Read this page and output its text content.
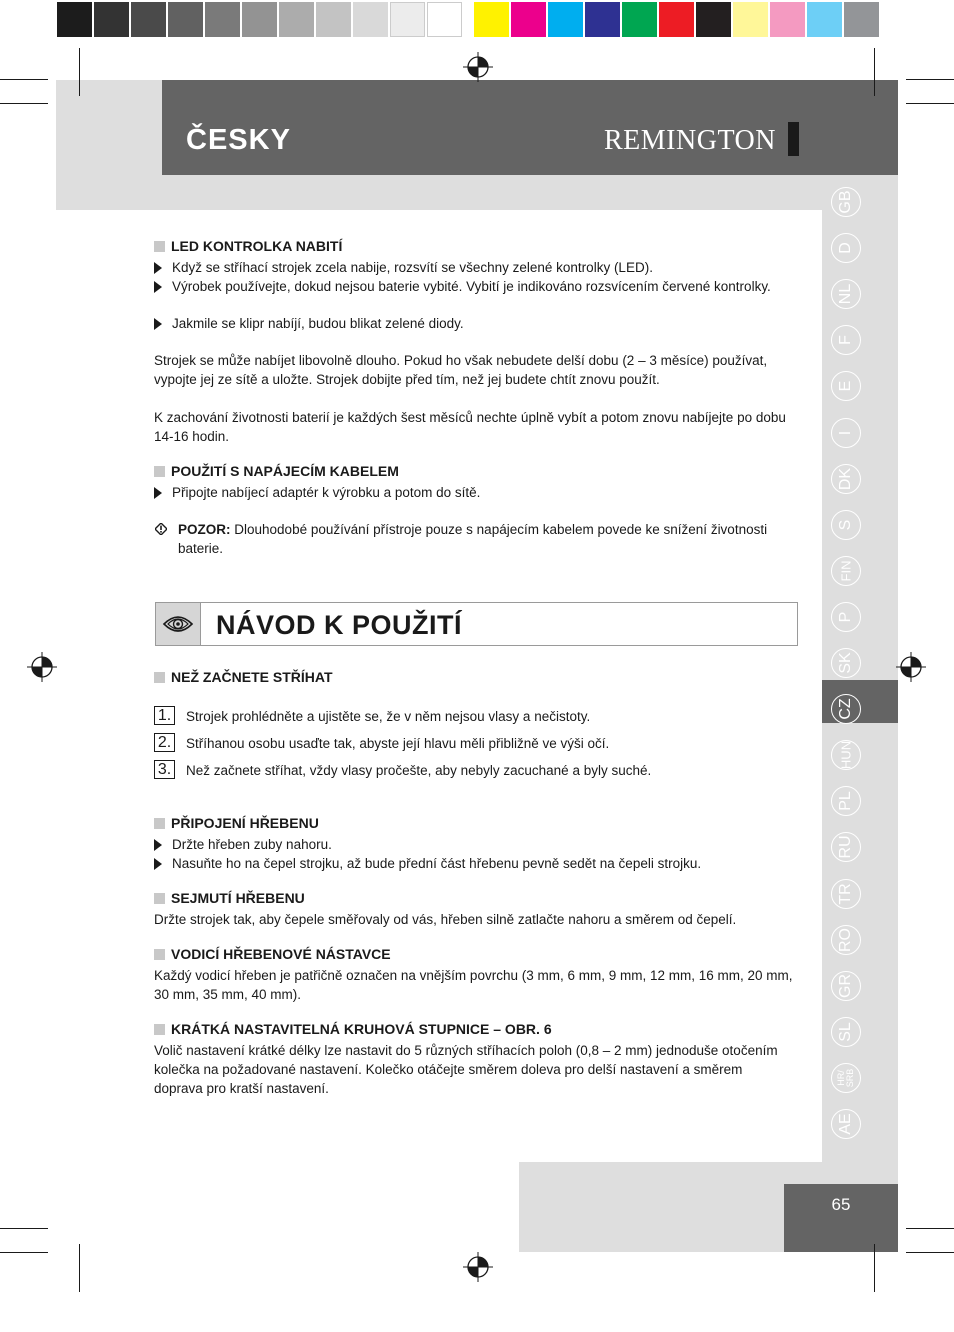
ČESKY	REMINGTON
GB
D
NL
F
E
I
DK
S
FIN
P
SK
CZ
HUN
PL
RU
TR
RO
GR
SL
HR/
SRB
AE
65
LED KONTROLKA NABITÍ
Když se stříhací strojek zcela nabije, rozsvítí se všechny zelené kontrolky (LED).
Výrobek používejte, dokud nejsou baterie vybité. Vybití je indikováno rozsvícením červené kontrolky.
Jakmile se klipr nabíjí, budou blikat zelené diody.
Strojek se může nabíjet libovolně dlouho. Pokud ho však nebudete delší dobu (2 – 3 měsíce) používat, vypojte jej ze sítě a uložte. Strojek dobijte před tím, než jej budete chtít znovu použít.
K zachování životnosti baterií je každých šest měsíců nechte úplně vybít a potom znovu nabíjejte po dobu 14-16 hodin.
POUŽITÍ S NAPÁJECÍM KABELEM
Připojte nabíjecí adaptér k výrobku a potom do sítě.
POZOR: Dlouhodobé používání přístroje pouze s napájecím kabelem povede ke snížení životnosti baterie.
NÁVOD K POUŽITÍ
NEŽ ZAČNETE STŘÍHAT
1. Strojek prohlédněte a ujistěte se, že v něm nejsou vlasy a nečistoty.
2. Stříhanou osobu usaďte tak, abyste její hlavu měli přibližně ve výši očí.
3. Než začnete stříhat, vždy vlasy pročešte, aby nebyly zacuchané a byly suché.
PŘIPOJENÍ HŘEBENU
Držte hřeben zuby nahoru.
Nasuňte ho na čepel strojku, až bude přední část hřebenu pevně sedět na čepeli strojku.
SEJMUTÍ HŘEBENU
Držte strojek tak, aby čepele směřovaly od vás, hřeben silně zatlačte nahoru a směrem od čepelí.
VODICÍ HŘEBENOVÉ NÁSTAVCE
Každý vodicí hřeben je patřičně označen na vnějším povrchu (3 mm, 6 mm, 9 mm, 12 mm, 16 mm, 20 mm, 30 mm, 35 mm, 40 mm).
KRÁTKÁ NASTAVITELNÁ KRUHOVÁ STUPNICE – OBR. 6
Volič nastavení krátké délky lze nastavit do 5 různých stříhacích poloh (0,8 – 2 mm) jednoduše otočením kolečka na požadované nastavení. Kolečko otáčejte směrem doleva pro delší nastavení a směrem doprava pro kratší nastavení.
